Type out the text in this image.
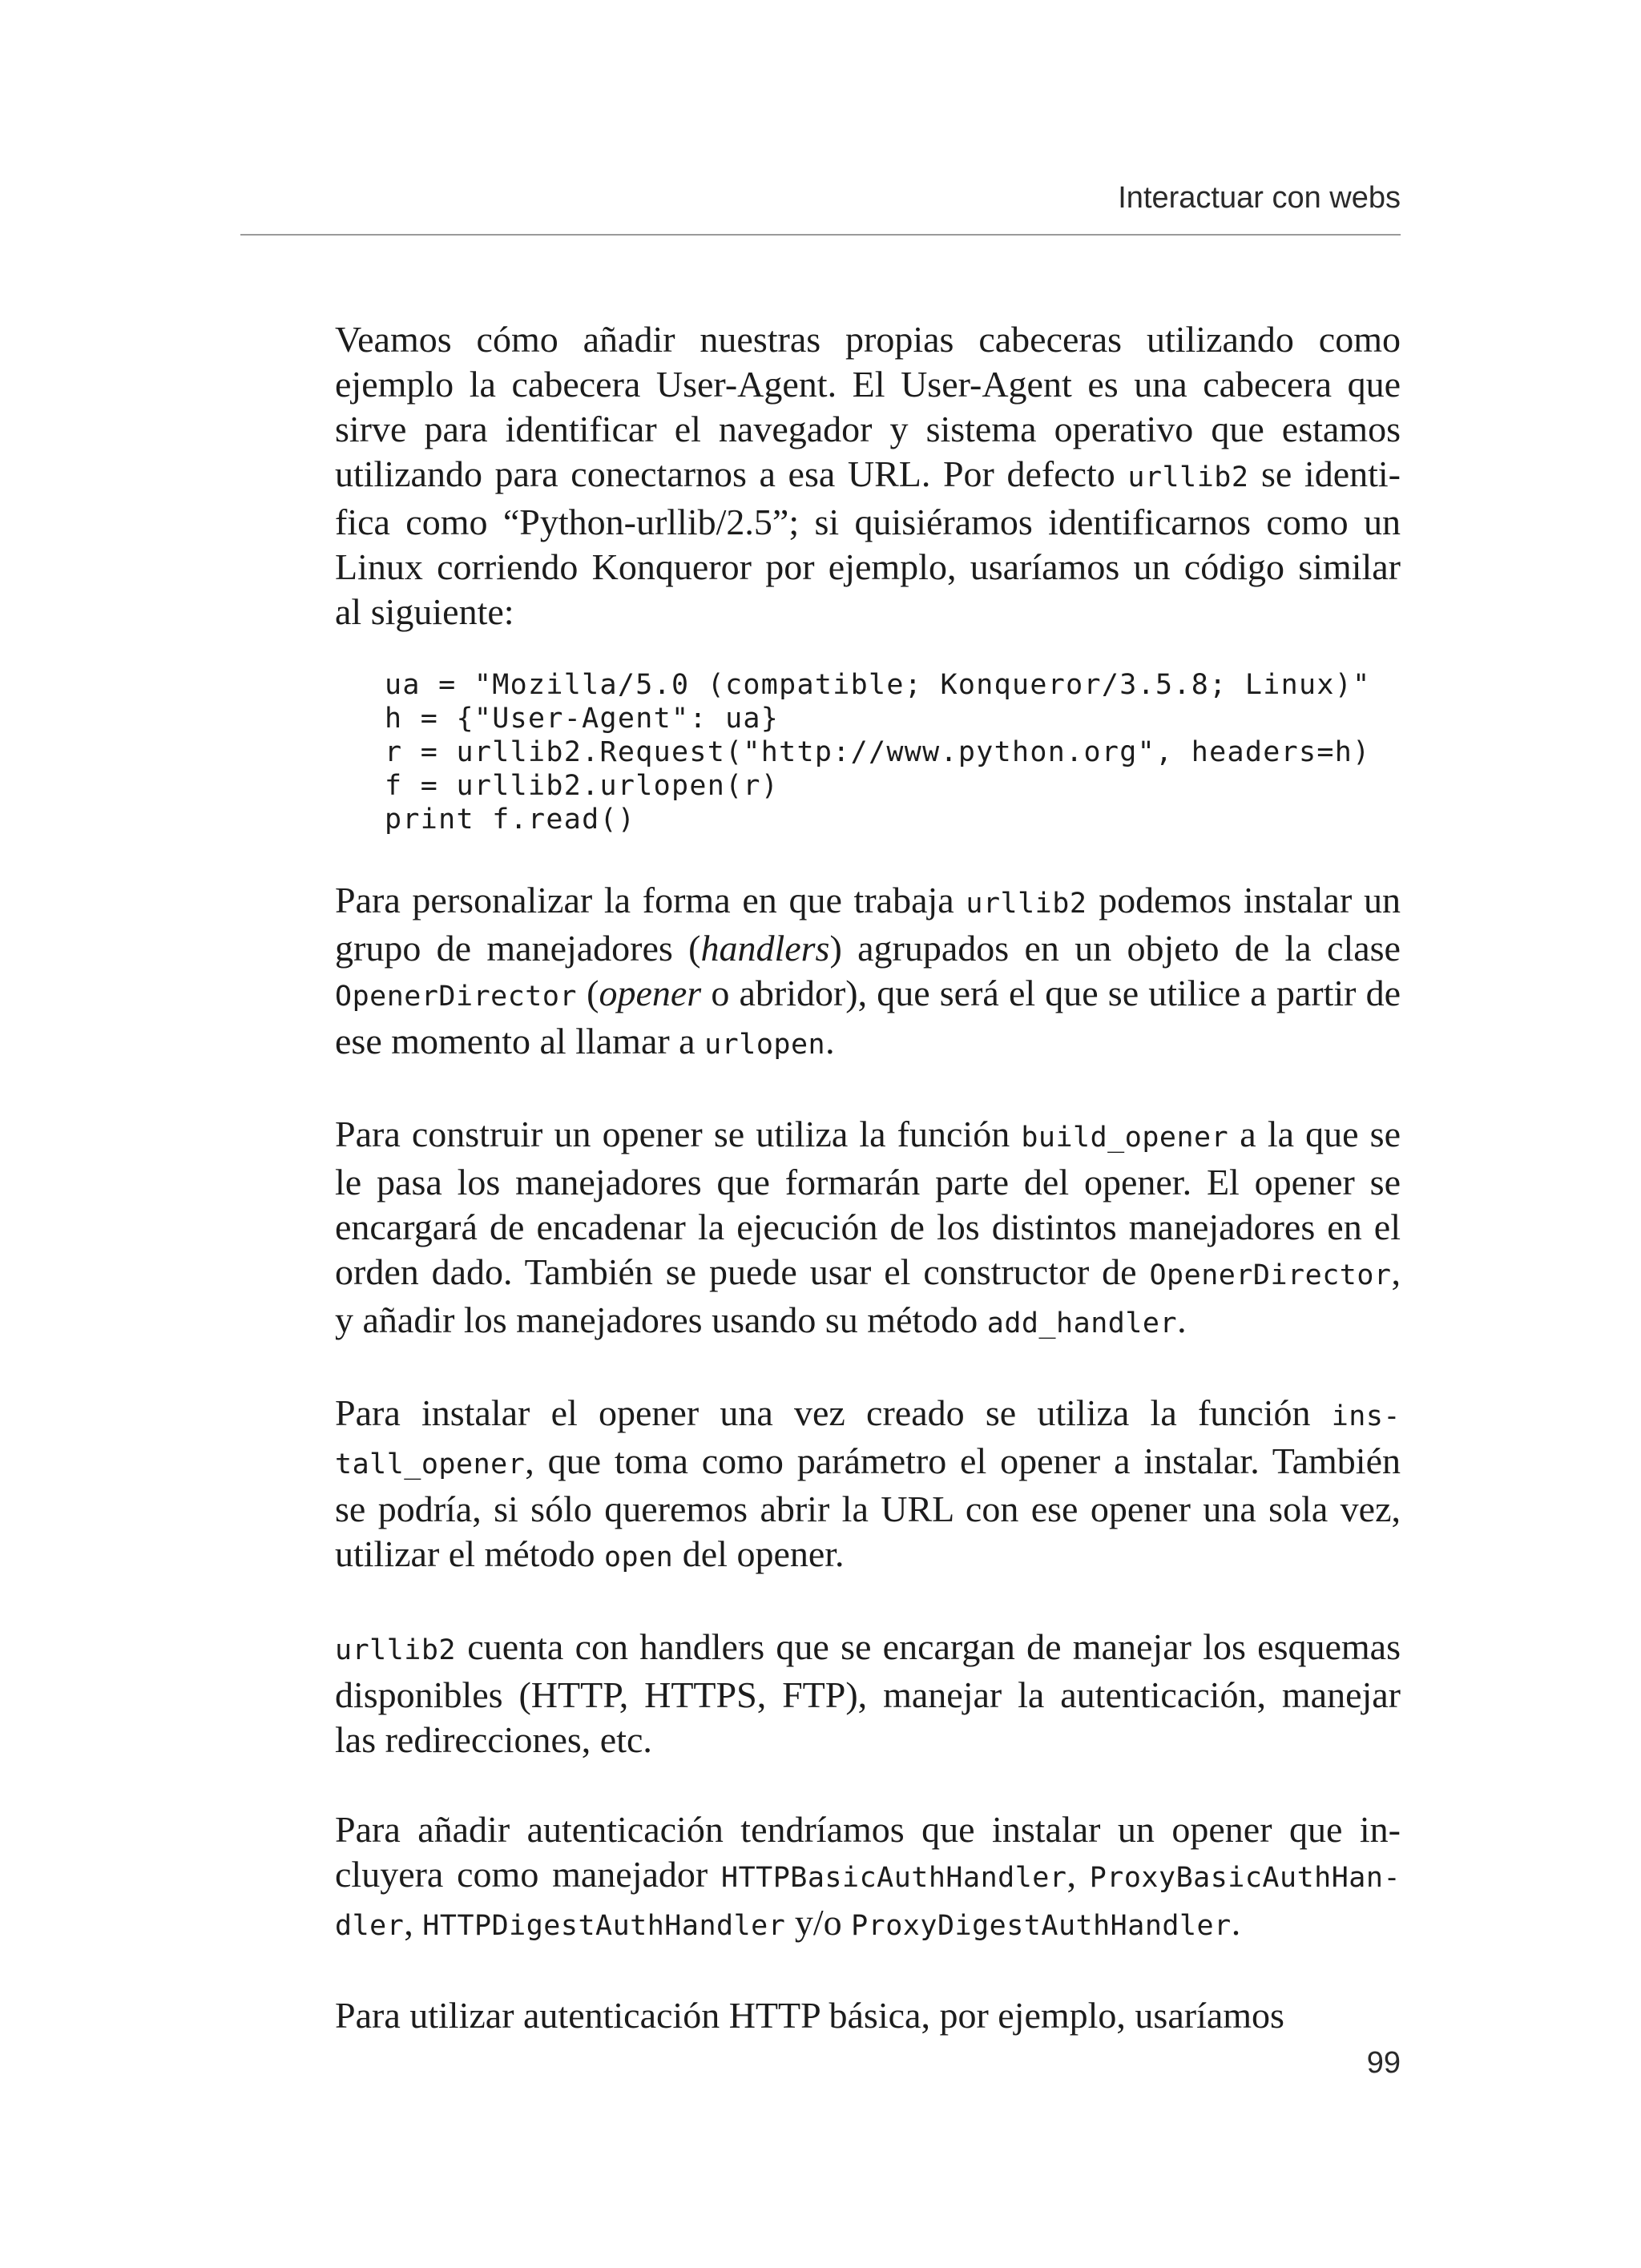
Interactuar con webs
Veamos cómo añadir nuestras propias cabeceras utilizando como
ejemplo la cabecera User-Agent. El User-Agent es una cabecera que
sirve para identificar el navegador y sistema operativo que estamos
utilizando para conectarnos a esa URL. Por defecto urllib2 se identi-
fica como “Python-urllib/2.5”; si quisiéramos identificarnos como un
Linux corriendo Konqueror por ejemplo, usaríamos un código similar
al siguiente:
ua = "Mozilla/5.0 (compatible; Konqueror/3.5.8; Linux)"
h = {"User-Agent": ua}
r = urllib2.Request("http://www.python.org", headers=h)
f = urllib2.urlopen(r)
print f.read()
Para personalizar la forma en que trabaja urllib2 podemos instalar un
grupo de manejadores (handlers) agrupados en un objeto de la clase
OpenerDirector (opener o abridor), que será el que se utilice a partir de
ese momento al llamar a urlopen.
Para construir un opener se utiliza la función build_opener a la que se
le pasa los manejadores que formarán parte del opener. El opener se
encargará de encadenar la ejecución de los distintos manejadores en el
orden dado. También se puede usar el constructor de OpenerDirector,
y añadir los manejadores usando su método add_handler.
Para instalar el opener una vez creado se utiliza la función ins-
tall_opener, que toma como parámetro el opener a instalar. También
se podría, si sólo queremos abrir la URL con ese opener una sola vez,
utilizar el método open del opener.
urllib2 cuenta con handlers que se encargan de manejar los esquemas
disponibles (HTTP, HTTPS, FTP), manejar la autenticación, manejar
las redirecciones, etc.
Para añadir autenticación tendríamos que instalar un opener que in-
cluyera como manejador HTTPBasicAuthHandler, ProxyBasicAuthHan-
dler, HTTPDigestAuthHandler y/o ProxyDigestAuthHandler.
Para utilizar autenticación HTTP básica, por ejemplo, usaríamos
99
